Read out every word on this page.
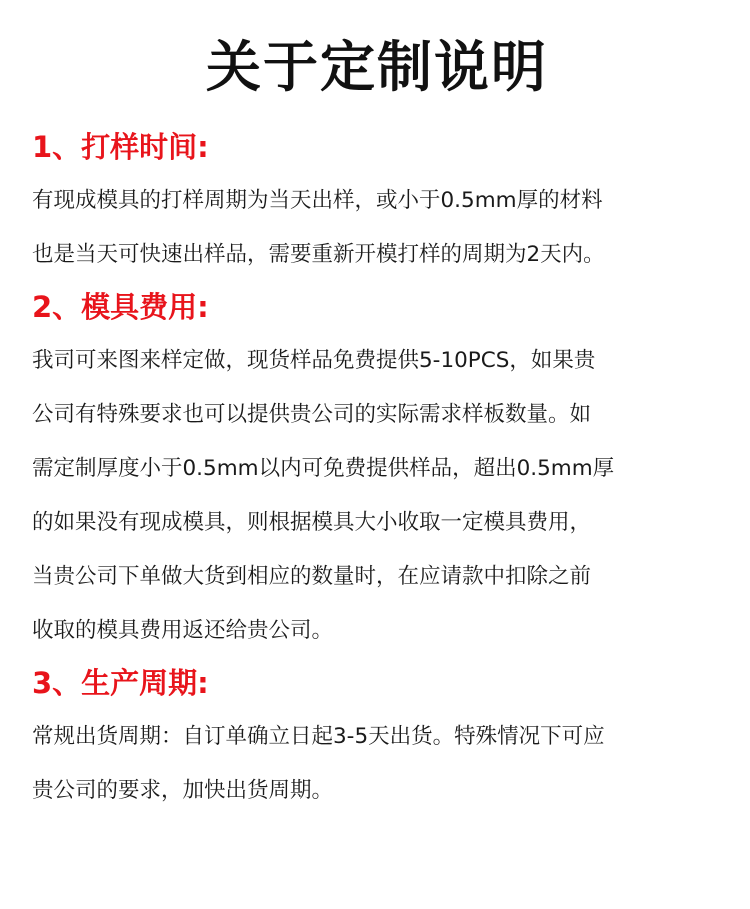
关于定制说明
1、打样时间:
有现成模具的打样周期为当天出样，或小于0.5mm厚的材料
也是当天可快速出样品，需要重新开模打样的周期为2天内。
2、模具费用:
我司可来图来样定做，现货样品免费提供5-10PCS，如果贵
公司有特殊要求也可以提供贵公司的实际需求样板数量。如
需定制厚度小于0.5mm以内可免费提供样品，超出0.5mm厚
的如果没有现成模具，则根据模具大小收取一定模具费用，
当贵公司下单做大货到相应的数量时，在应请款中扣除之前
收取的模具费用返还给贵公司。
3、生产周期:
常规出货周期：自订单确立日起3-5天出货。特殊情况下可应
贵公司的要求，加快出货周期。
